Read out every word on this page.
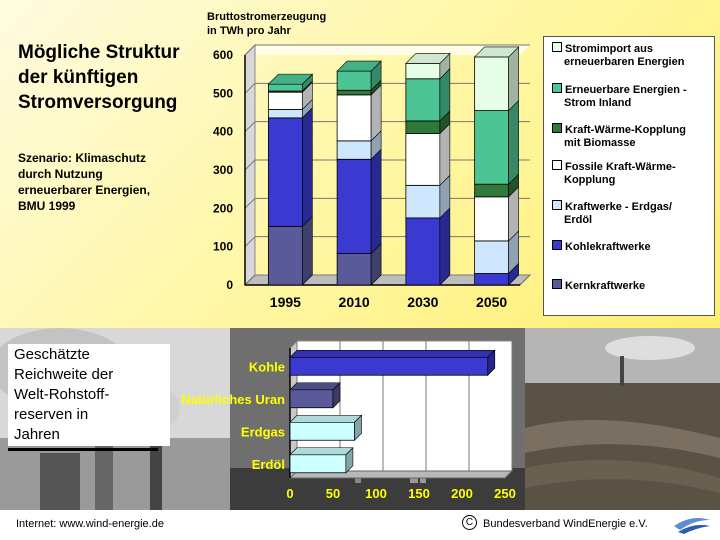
Mögliche Struktur
der künftigen
Stromversorgung
Szenario: Klimaschutz
durch Nutzung
erneuerbarer Energien,
BMU 1999
Bruttostromerzeugung
in TWh pro Jahr
0
100
200
300
400
500
600
1995	2010	2030	2050
Stromimport aus
erneuerbaren Energien
Erneuerbare Energien -
Strom Inland
Kraft-Wärme-Kopplung
mit Biomasse
Fossile Kraft-Wärme-
Kopplung
Kraftwerke - Erdgas/
Erdöl
Kohlekraftwerke
Kernkraftwerke
Geschätzte
Reichweite der
Welt-Rohstoff-
reserven in
Jahren
0 50 100 150 200 250
Kohle
Natürliches Uran
Erdgas
Erdöl
Internet: www.wind-energie.de	C Bundesverband WindEnergie e.V.
